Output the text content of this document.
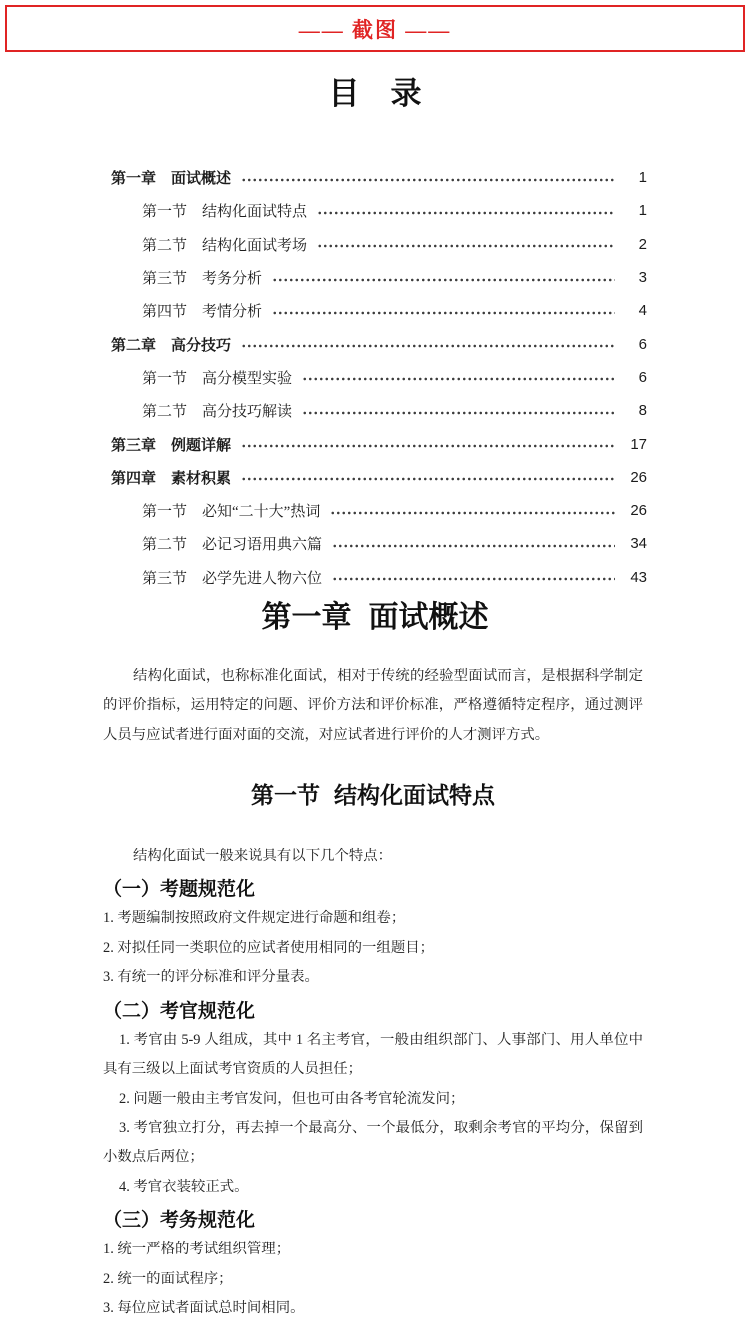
—— 截图 ——
目　录
第一章　面试概述	1
第一节　结构化面试特点	1
第二节　结构化面试考场	2
第三节　考务分析	3
第四节　考情分析	4
第二章　高分技巧	6
第一节　高分模型实验	6
第二节　高分技巧解读	8
第三章　例题详解	17
第四章　素材积累	26
第一节　必知“二十大”热词	26
第二节　必记习语用典六篇	34
第三节　必学先进人物六位	43
第一章 面试概述
结构化面试，也称标准化面试，相对于传统的经验型面试而言，是根据科学制定的评价指标，运用特定的问题、评价方法和评价标准，严格遵循特定程序，通过测评人员与应试者进行面对面的交流，对应试者进行评价的人才测评方式。
第一节 结构化面试特点
结构化面试一般来说具有以下几个特点：
（一）考题规范化
1. 考题编制按照政府文件规定进行命题和组卷；
2. 对拟任同一类职位的应试者使用相同的一组题目；
3. 有统一的评分标准和评分量表。
（二）考官规范化
1. 考官由 5-9 人组成，其中 1 名主考官，一般由组织部门、人事部门、用人单位中具有三级以上面试考官资质的人员担任；
2. 问题一般由主考官发问，但也可由各考官轮流发问；
3. 考官独立打分，再去掉一个最高分、一个最低分，取剩余考官的平均分，保留到小数点后两位；
4. 考官衣装较正式。
（三）考务规范化
1. 统一严格的考试组织管理；
2. 统一的面试程序；
3. 每位应试者面试总时间相同。
